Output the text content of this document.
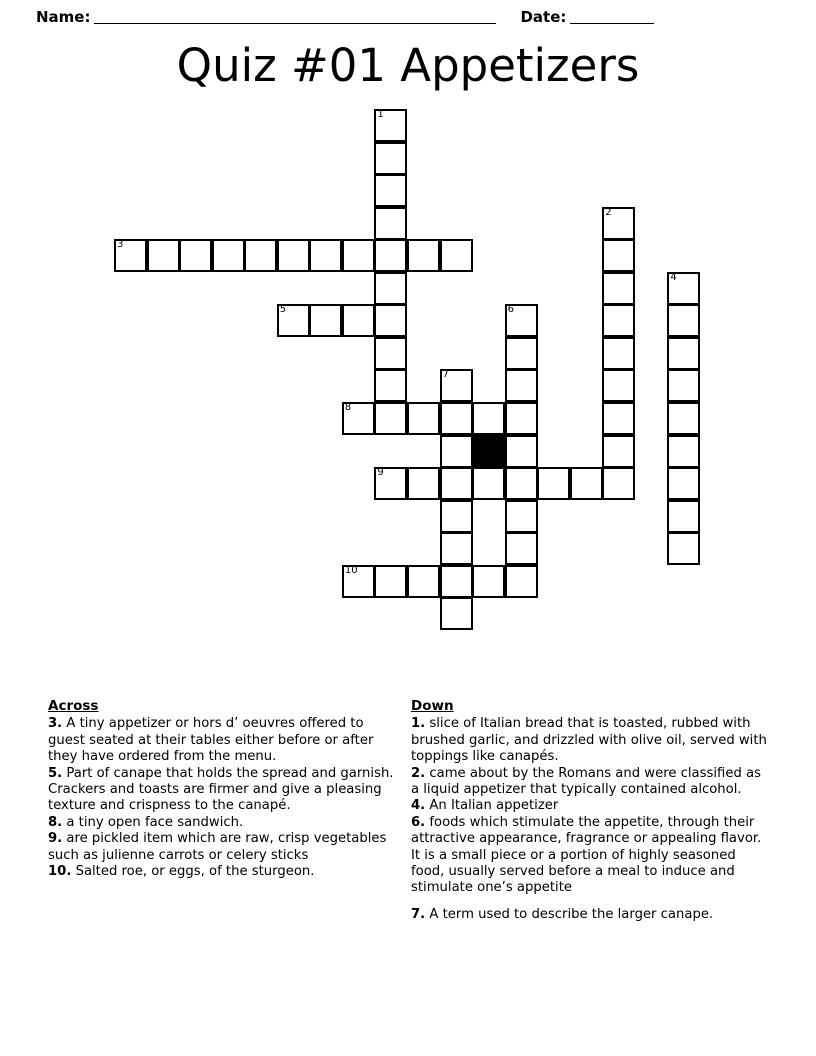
Name:	Date:
Quiz #01 Appetizers
1
2
3
4
5	6
7
8
9
10
Across
3. A tiny appetizer or hors d’ oeuvres offered to guest seated at their tables either before or after they have ordered from the menu.
5. Part of canape that holds the spread and garnish. Crackers and toasts are firmer and give a pleasing texture and crispness to the canapé.
8. a tiny open face sandwich.
9. are pickled item which are raw, crisp vegetables such as julienne carrots or celery sticks
10. Salted roe, or eggs, of the sturgeon.
Down
1. slice of Italian bread that is toasted, rubbed with brushed garlic, and drizzled with olive oil, served with toppings like canapés.
2. came about by the Romans and were classified as a liquid appetizer that typically contained alcohol.
4. An Italian appetizer
6. foods which stimulate the appetite, through their attractive appearance, fragrance or appealing flavor. It is a small piece or a portion of highly seasoned food, usually served before a meal to induce and stimulate one’s appetite
7. A term used to describe the larger canape.
